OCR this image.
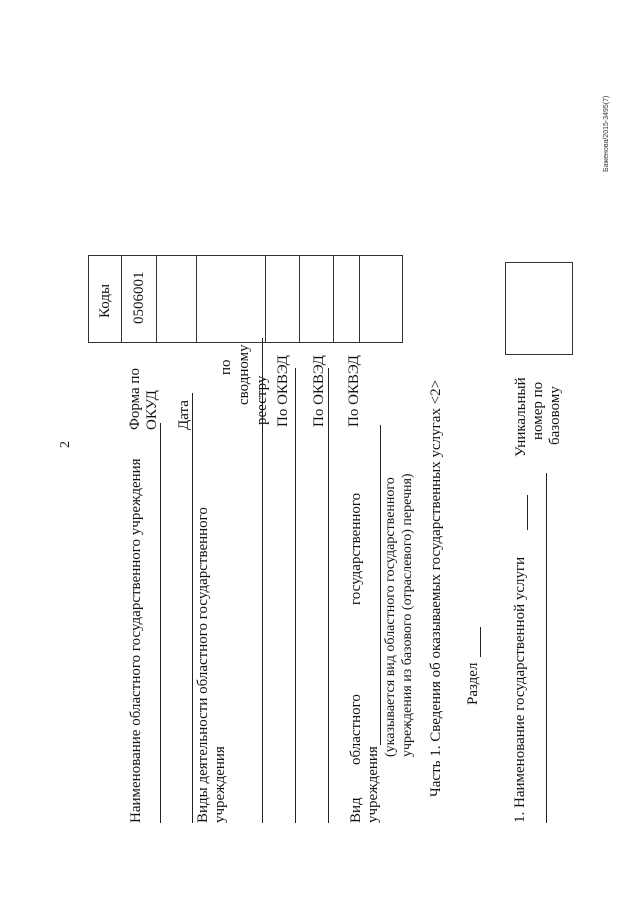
Баженова/2015-3495(7)
2
Наименование областного государственного учреждения	Виды деятельности областного государственного учреждения	Вид
областного
государственного
учреждения
(указывается вид областного государственного учреждения из базового (отраслевого) перечня)
Форма по ОКУД Дата
по сводному реестру По ОКВЭД По ОКВЭД По ОКВЭД
Коды 0506001
Часть 1. Сведения об оказываемых государственных услугах <2> Раздел 1. Наименование государственной услуги
Уникальный номер по базовому
